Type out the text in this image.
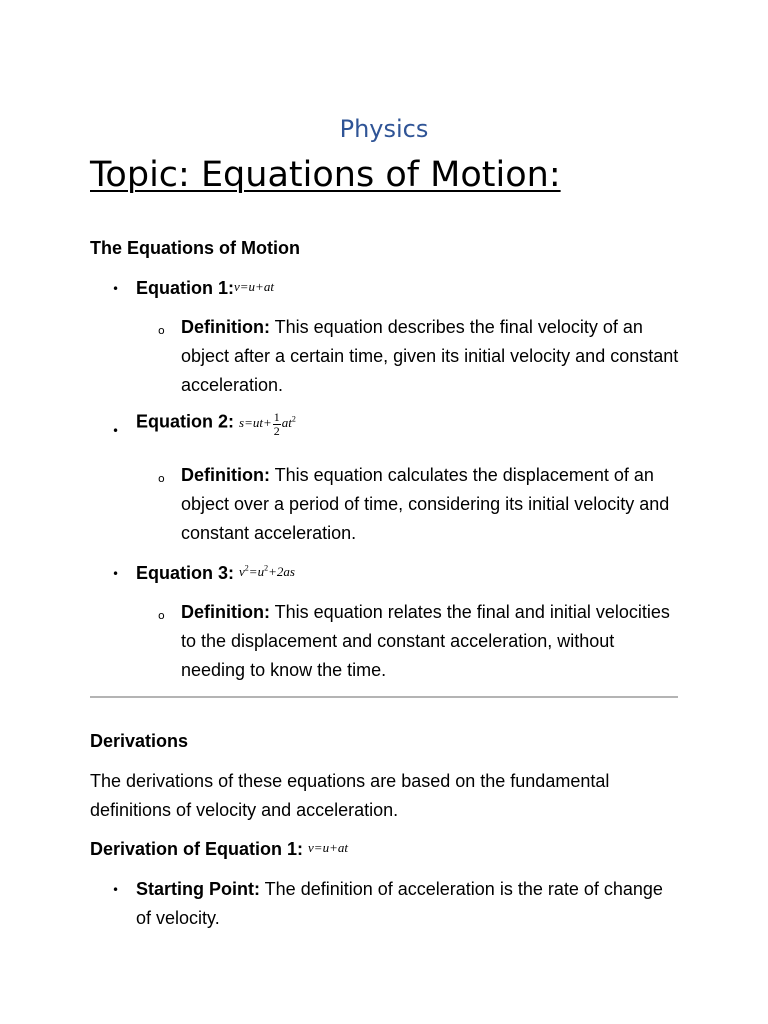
Physics
Topic: Equations of Motion:
The Equations of Motion
• Equation 1:v=u+at
o Definition: This equation describes the final velocity of an object after a certain time, given its initial velocity and constant acceleration.
• Equation 2: $s=ut+ \frac{1}{2} at^2$
o Definition: This equation calculates the displacement of an object over a period of time, considering its initial velocity and constant acceleration.
• Equation 3: $v^2=u^2+2as$
o Definition: This equation relates the final and initial velocities to the displacement and constant acceleration, without needing to know the time.
Derivations
The derivations of these equations are based on the fundamental definitions of velocity and acceleration.
Derivation of Equation 1: v=u+at
• Starting Point: The definition of acceleration is the rate of change of velocity.
